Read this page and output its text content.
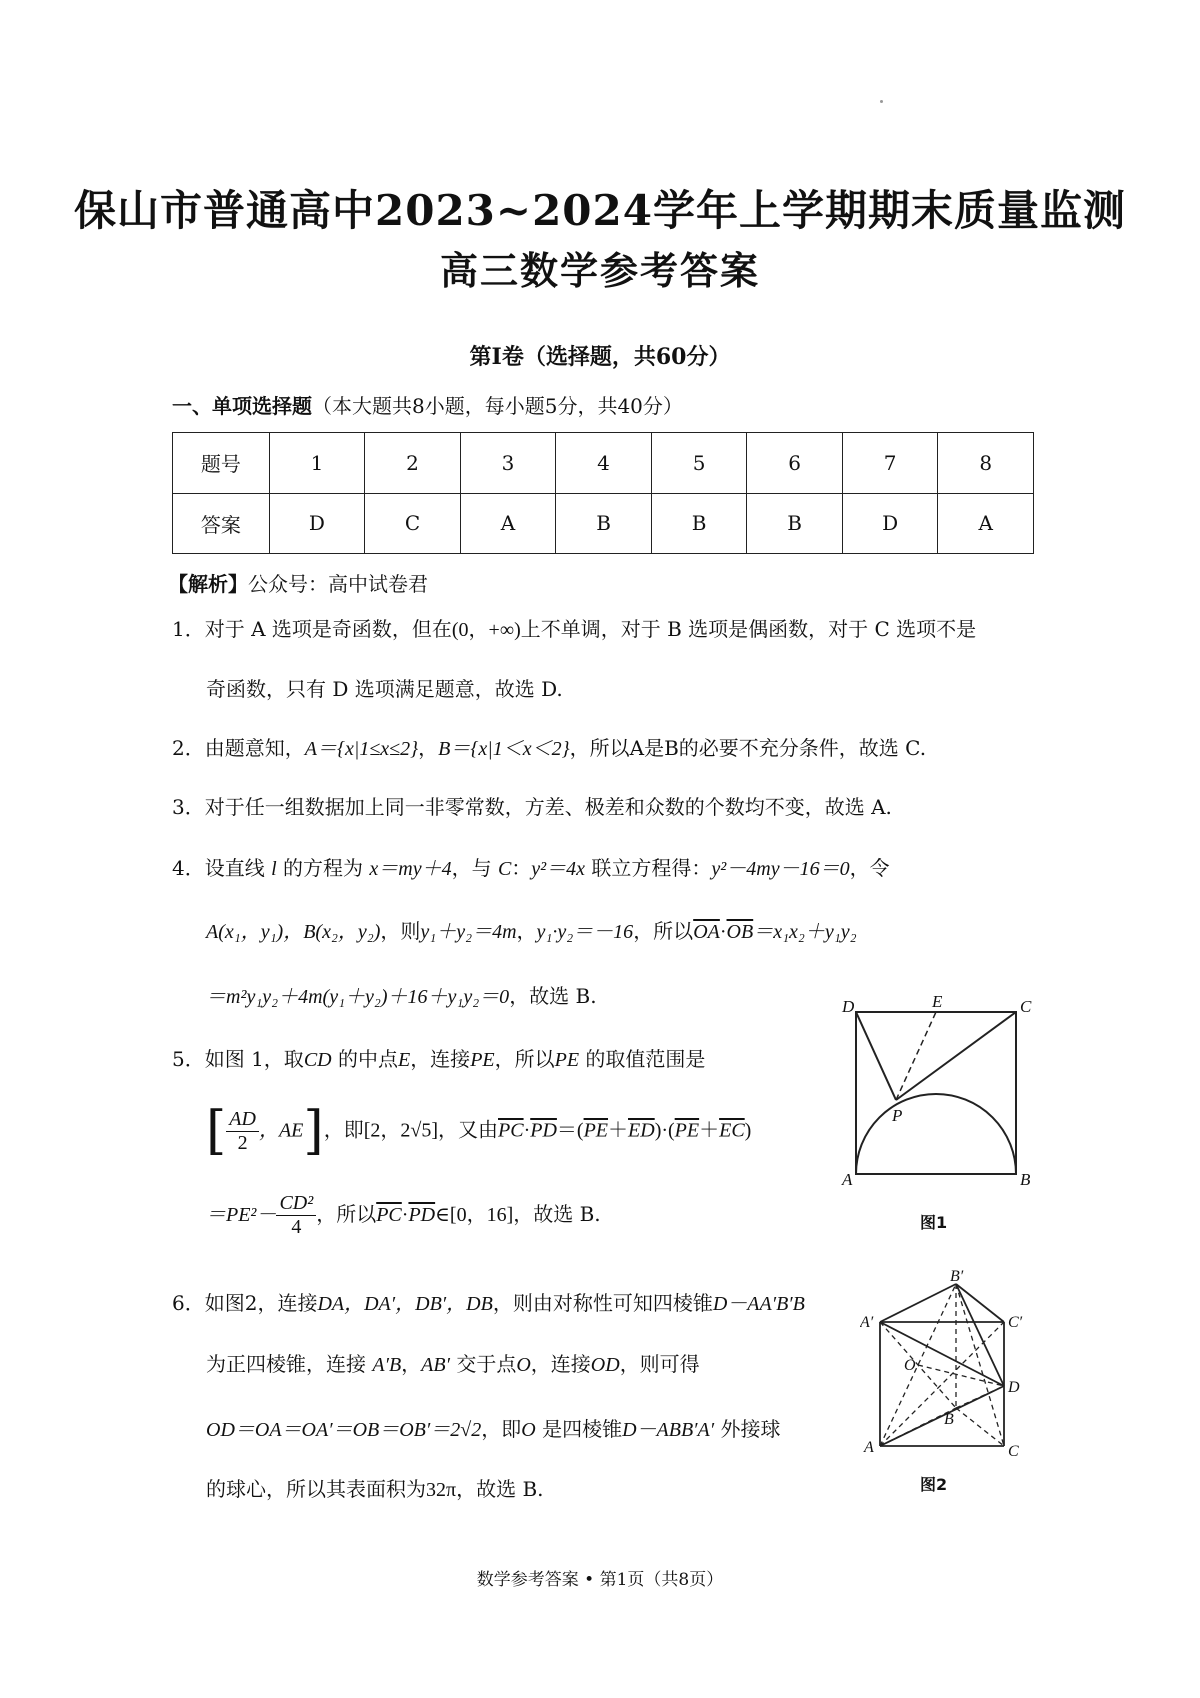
保山市普通高中2023~2024学年上学期期末质量监测
高三数学参考答案
第Ⅰ卷（选择题，共60分）
一、单项选择题（本大题共8小题，每小题5分，共40分）
题号	1	2	3	4	5	6	7	8
答案	D	C	A	B	B	B	D	A
【解析】公众号：高中试卷君
1．对于 A 选项是奇函数，但在(0，+∞)上不单调，对于 B 选项是偶函数，对于 C 选项不是
奇函数，只有 D 选项满足题意，故选 D.
2．由题意知，A＝{x|1≤x≤2}，B＝{x|1＜x＜2}，所以A是B的必要不充分条件，故选 C.
3．对于任一组数据加上同一非零常数，方差、极差和众数的个数均不变，故选 A.
4．设直线 l 的方程为 x＝my＋4，与 C：y²＝4x 联立方程得：y²－4my－16＝0，令
A(x₁，y₁)，B(x₂，y₂)，则y₁＋y₂＝4m，y₁·y₂＝－16，所以$\overline{OA}\cdot\overline{OB}=x_1x_2+y_1y_2$
＝m²y₁y₂＋4m(y₁＋y₂)＋16＋y₁y₂＝0，故选 B.
5．如图 1，取CD 的中点E，连接PE，所以PE 的取值范围是
[ $\frac{AD}{2}$ ，AE]，即[2，2√5]，又由$\overline{PC}\cdot\overline{PD}=(\overline{PE}+\overline{ED})\cdot(\overline{PE}+\overline{EC})$
$=PE^2- \frac{\text{CD²}}{4}$ ，所以$\overline{PC}\cdot\overline{PD}\in[0$，16]，故选 B.
6．如图2，连接DA，DA′，DB′，DB，则由对称性可知四棱锥D－AA′B′B
为正四棱锥，连接 A′B，AB′ 交于点O，连接OD，则可得
OD＝OA＝OA′＝OB＝OB′＝2√2，即O 是四棱锥D－ABB′A′ 外接球
的球心，所以其表面积为32π，故选 B.
D	E	C
P
A	B
图1
B′
A′	C′
O
B
D
A	C
图2
数学参考答案 • 第1页（共8页）
